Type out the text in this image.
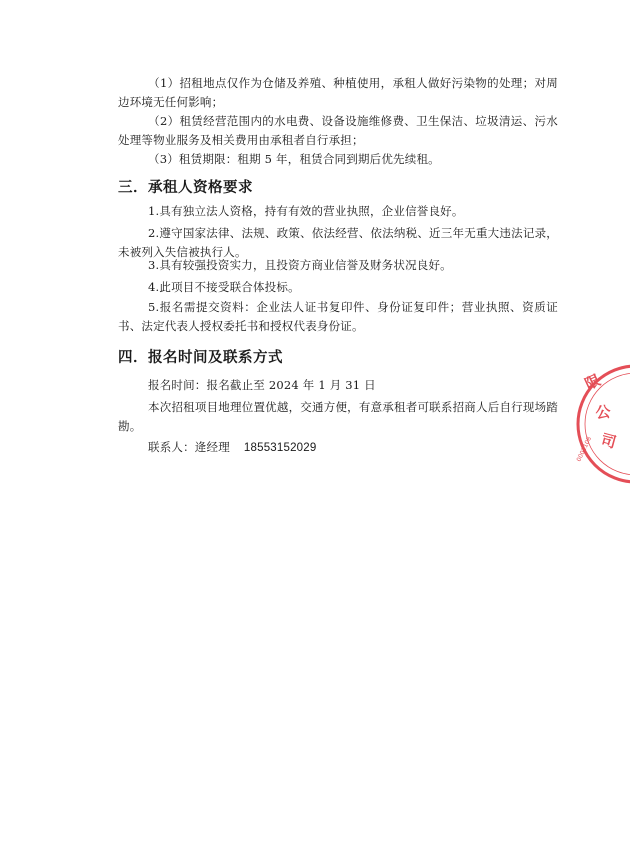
（1）招租地点仅作为仓储及养殖、种植使用，承租人做好污染物的处理；对周边环境无任何影响；

（2）租赁经营范围内的水电费、设备设施维修费、卫生保洁、垃圾清运、污水处理等物业服务及相关费用由承租者自行承担；

（3）租赁期限：租期 5 年，租赁合同到期后优先续租。

三．承租人资格要求

1.具有独立法人资格，持有有效的营业执照，企业信誉良好。

2.遵守国家法律、法规、政策、依法经营、依法纳税、近三年无重大违法记录，未被列入失信被执行人。

3.具有较强投资实力，且投资方商业信誉及财务状况良好。

4.此项目不接受联合体投标。

5.报名需提交资料：企业法人证书复印件、身份证复印件；营业执照、资质证书、法定代表人授权委托书和授权代表身份证。

四．报名时间及联系方式

报名时间：报名截止至 2024 年 1 月 31 日

本次招租项目地理位置优越，交通方便，有意承租者可联系招商人后自行现场踏勘。

联系人：逄经理 18553152029

限
公
司
0002108
